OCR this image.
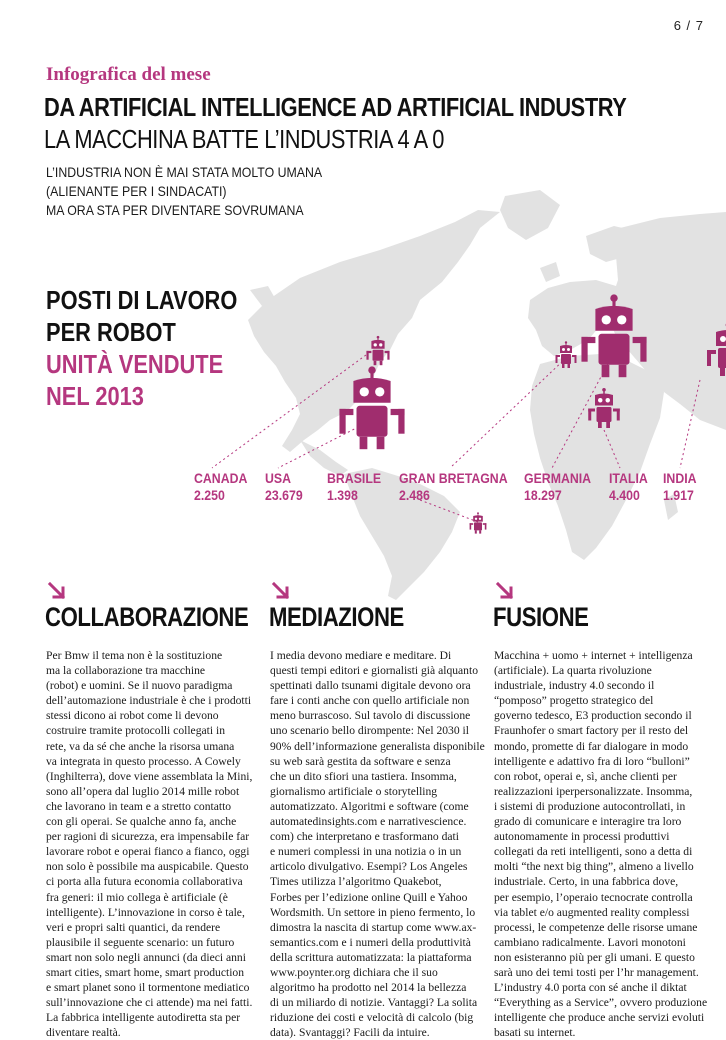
6 / 7
Infografica del mese
DA ARTIFICIAL INTELLIGENCE AD ARTIFICIAL INDUSTRY
LA MACCHINA BATTE L’INDUSTRIA 4 A 0
L’INDUSTRIA NON È MAI STATA MOLTO UMANA
(ALIENANTE PER I SINDACATI)
MA ORA STA PER DIVENTARE SOVRUMANA
POSTI DI LAVORO
PER ROBOT
UNITÀ VENDUTE
NEL 2013
CANADA
2.250
USA
23.679
BRASILE
1.398
GRAN BRETAGNA
2.486
GERMANIA
18.297
ITALIA
4.400
INDIA
1.917
COLLABORAZIONE MEDIAZIONE	FUSIONE
Per Bmw il tema non è la sostituzione
ma la collaborazione tra macchine
(robot) e uomini. Se il nuovo paradigma
dell’automazione industriale è che i prodotti
stessi dicono ai robot come li devono
costruire tramite protocolli collegati in
rete, va da sé che anche la risorsa umana
va integrata in questo processo. A Cowely
(Inghilterra), dove viene assemblata la Mini,
sono all’opera dal luglio 2014 mille robot
che lavorano in team e a stretto contatto
con gli operai. Se qualche anno fa, anche
per ragioni di sicurezza, era impensabile far
lavorare robot e operai fianco a fianco, oggi
non solo è possibile ma auspicabile. Questo
ci porta alla futura economia collaborativa
fra generi: il mio collega è artificiale (è
intelligente). L’innovazione in corso è tale,
veri e propri salti quantici, da rendere
plausibile il seguente scenario: un futuro
smart non solo negli annunci (da dieci anni
smart cities, smart home, smart production
e smart planet sono il tormentone mediatico
sull’innovazione che ci attende) ma nei fatti.
La fabbrica intelligente autodiretta sta per
diventare realtà.
I media devono mediare e meditare. Di
questi tempi editori e giornalisti già alquanto
spettinati dallo tsunami digitale devono ora
fare i conti anche con quello artificiale non
meno burrascoso. Sul tavolo di discussione
uno scenario bello dirompente: Nel 2030 il
90% dell’informazione generalista disponibile
su web sarà gestita da software e senza
che un dito sfiori una tastiera. Insomma,
giornalismo artificiale o storytelling
automatizzato. Algoritmi e software (come
automatedinsights.com e narrativescience.
com) che interpretano e trasformano dati
e numeri complessi in una notizia o in un
articolo divulgativo. Esempi? Los Angeles
Times utilizza l’algoritmo Quakebot,
Forbes per l’edizione online Quill e Yahoo
Wordsmith. Un settore in pieno fermento, lo
dimostra la nascita di startup come www.ax-
semantics.com e i numeri della produttività
della scrittura automatizzata: la piattaforma
www.poynter.org dichiara che il suo
algoritmo ha prodotto nel 2014 la bellezza
di un miliardo di notizie. Vantaggi? La solita
riduzione dei costi e velocità di calcolo (big
data). Svantaggi? Facili da intuire.
Macchina + uomo + internet + intelligenza
(artificiale). La quarta rivoluzione
industriale, industry 4.0 secondo il
“pomposo” progetto strategico del
governo tedesco, E3 production secondo il
Fraunhofer o smart factory per il resto del
mondo, promette di far dialogare in modo
intelligente e adattivo fra di loro “bulloni”
con robot, operai e, sì, anche clienti per
realizzazioni iperpersonalizzate. Insomma,
i sistemi di produzione autocontrollati, in
grado di comunicare e interagire tra loro
autonomamente in processi produttivi
collegati da reti intelligenti, sono a detta di
molti “the next big thing”, almeno a livello
industriale. Certo, in una fabbrica dove,
per esempio, l’operaio tecnocrate controlla
via tablet e/o augmented reality complessi
processi, le competenze delle risorse umane
cambiano radicalmente. Lavori monotoni
non esisteranno più per gli umani. E questo
sarà uno dei temi tosti per l’hr management.
L’industry 4.0 porta con sé anche il diktat
“Everything as a Service”, ovvero produzione
intelligente che produce anche servizi evoluti
basati su internet.
